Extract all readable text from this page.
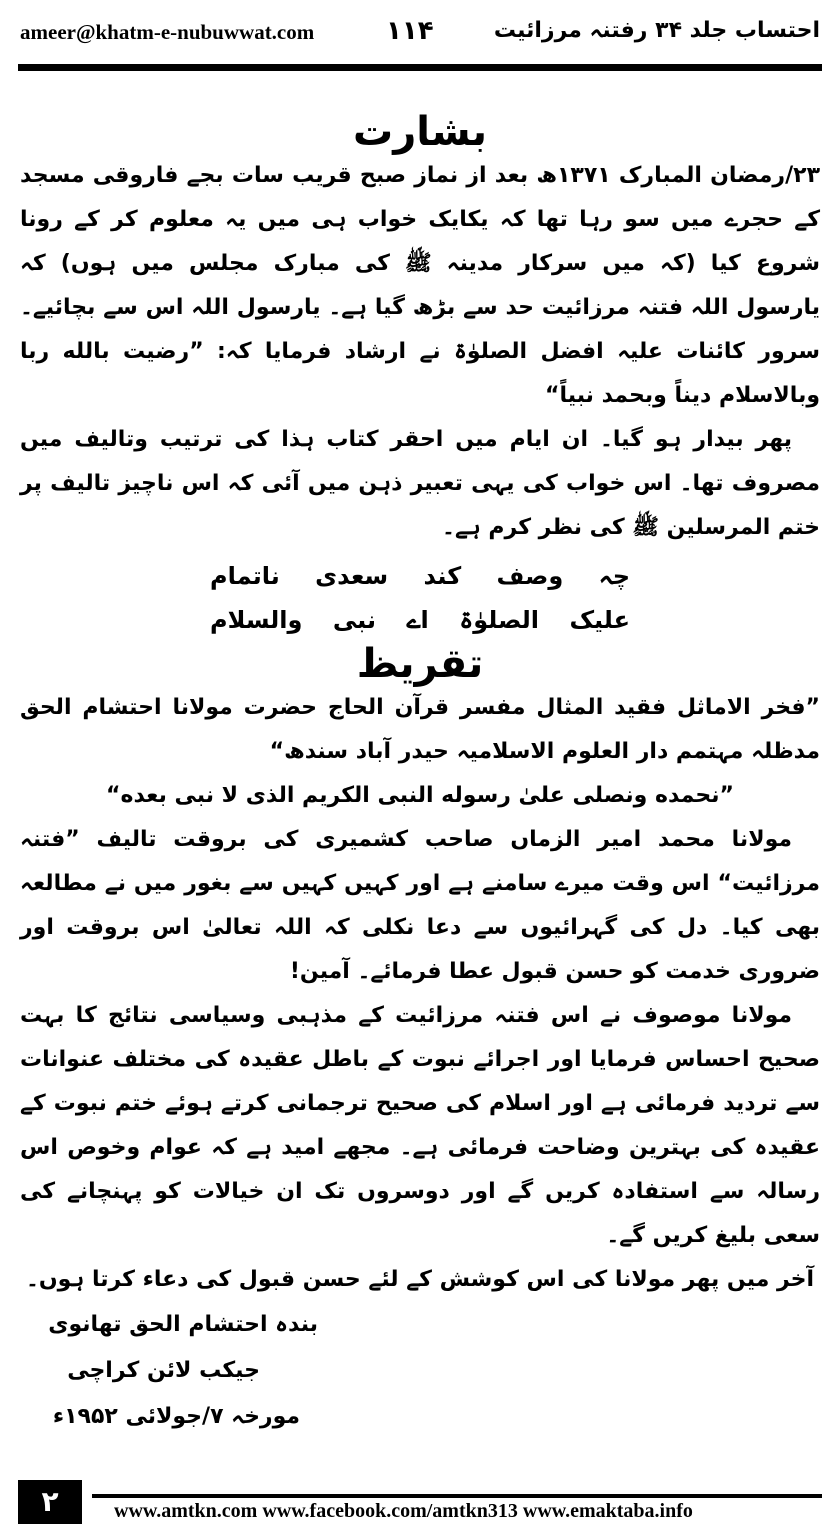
ameer@khatm-e-nubuwwat.com	۱۱۴	احتساب جلد ۳۴ رفتنہ مرزائیت
بشارت

۲۳/رمضان المبارک ۱۳۷۱ھ بعد از نماز صبح قریب سات بجے فاروقی مسجد کے حجرے میں سو رہا تھا کہ یکایک خواب ہی میں یہ معلوم کر کے رونا شروع کیا (کہ میں سرکار مدینہ ﷺ کی مبارک مجلس میں ہوں) کہ یارسول اللہ فتنہ مرزائیت حد سے بڑھ گیا ہے۔ یارسول اللہ اس سے بچائیے۔ سرور کائنات علیہ افضل الصلوٰۃ نے ارشاد فرمایا کہ: ”رضیت بالله ربا وبالاسلام دیناً وبحمد نبیاً“

پھر بیدار ہو گیا۔ ان ایام میں احقر کتاب ہذا کی ترتیب وتالیف میں مصروف تھا۔ اس خواب کی یہی تعبیر ذہن میں آئی کہ اس ناچیز تالیف پر ختم المرسلین ﷺ کی نظر کرم ہے۔

چہ
وصف
کند
سعدی
ناتمام
علیک
الصلوٰۃ
اے
نبی
والسلام
تقریظ

”فخر الاماثل فقید المثال مفسر قرآن الحاج حضرت مولانا احتشام الحق مدظلہ مہتمم دار العلوم الاسلامیہ حیدر آباد سندھ“

”نحمده ونصلی علیٰ رسوله النبی الکریم الذی لا نبی بعده“

مولانا محمد امیر الزماں صاحب کشمیری کی بروقت تالیف ”فتنہ مرزائیت“ اس وقت میرے سامنے ہے اور کہیں کہیں سے بغور میں نے مطالعہ بھی کیا۔ دل کی گہرائیوں سے دعا نکلی کہ اللہ تعالیٰ اس بروقت اور ضروری خدمت کو حسن قبول عطا فرمائے۔ آمین!

مولانا موصوف نے اس فتنہ مرزائیت کے مذہبی وسیاسی نتائج کا بہت صحیح احساس فرمایا اور اجرائے نبوت کے باطل عقیدہ کی مختلف عنوانات سے تردید فرمائی ہے اور اسلام کی صحیح ترجمانی کرتے ہوئے ختم نبوت کے عقیدہ کی بہترین وضاحت فرمائی ہے۔ مجھے امید ہے کہ عوام وخوص اس رسالہ سے استفادہ کریں گے اور دوسروں تک ان خیالات کو پہنچانے کی سعی بلیغ کریں گے۔

آخر میں پھر مولانا کی اس کوشش کے لئے حسن قبول کی دعاء کرتا ہوں۔

بندہ احتشام الحق تھانوی

جیکب لائن کراچی

مورخہ ۷/جولائی ۱۹۵۲ء

۲	www.amtkn.com www.facebook.com/amtkn313 www.emaktaba.info
